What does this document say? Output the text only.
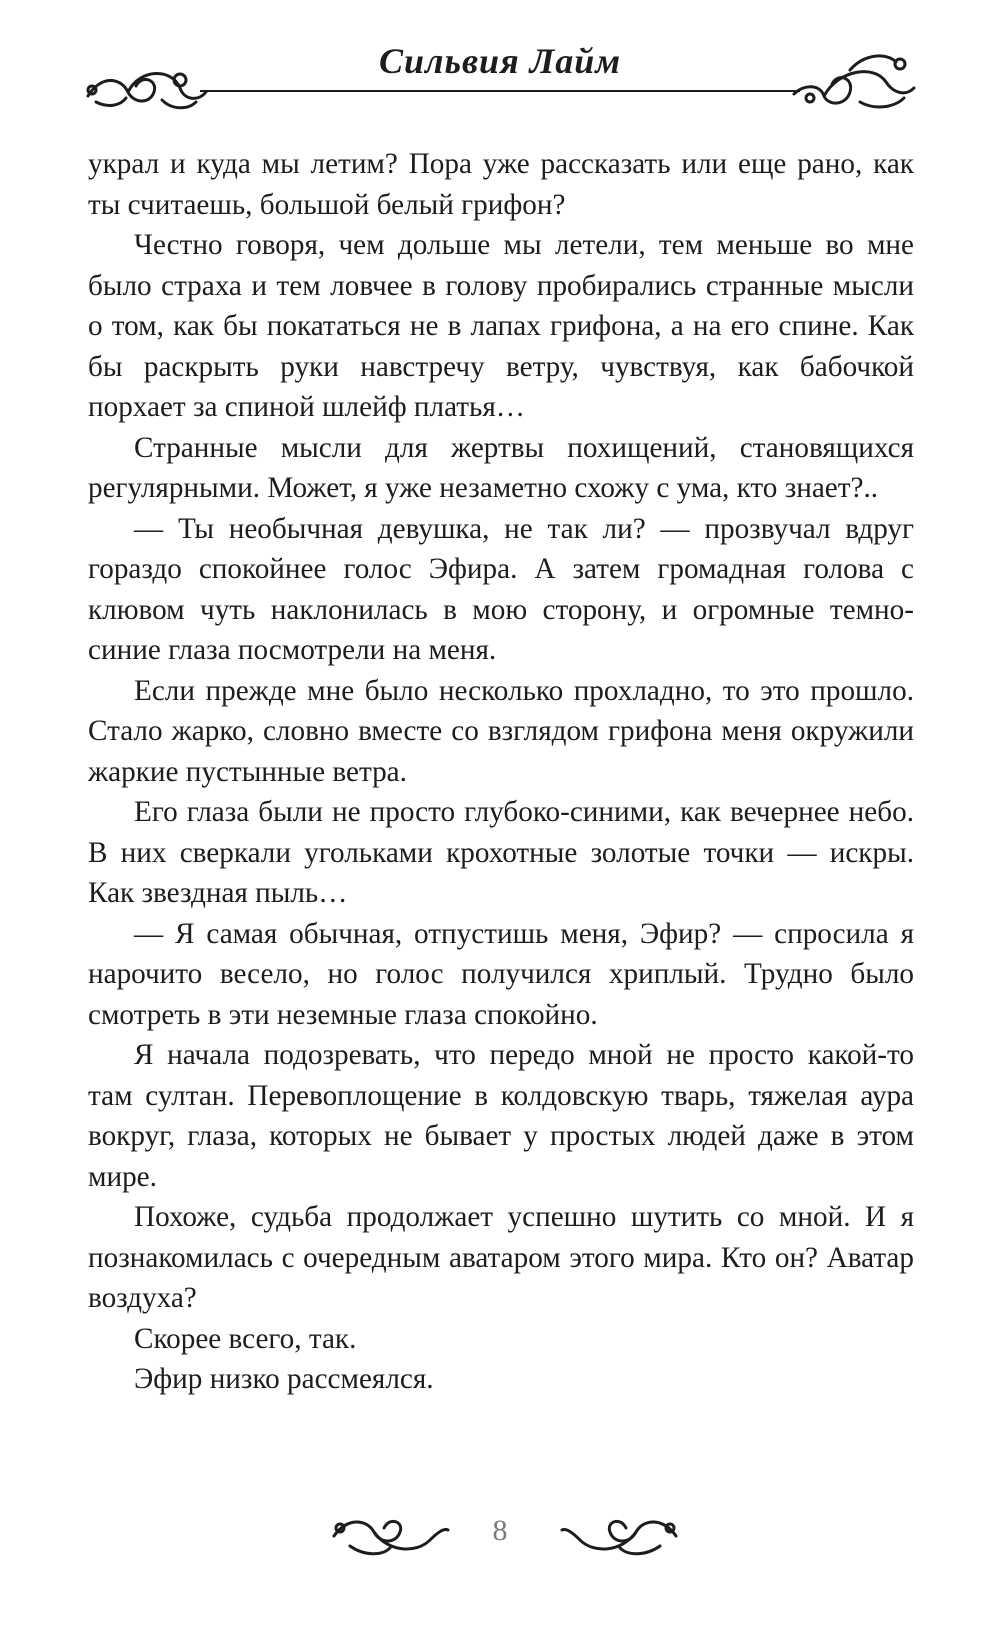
Сильвия Лайм

украл и куда мы летим? Пора уже рассказать или еще рано, как ты считаешь, большой белый грифон?

Честно говоря, чем дольше мы летели, тем меньше во мне было страха и тем ловчее в голову пробирались странные мысли о том, как бы покататься не в лапах грифона, а на его спине. Как бы раскрыть руки навстречу ветру, чувствуя, как бабочкой порхает за спиной шлейф платья…

Странные мысли для жертвы похищений, становящихся регулярными. Может, я уже незаметно схожу с ума, кто знает?..

— Ты необычная девушка, не так ли? — прозвучал вдруг гораздо спокойнее голос Эфира. А затем громадная голова с клювом чуть наклонилась в мою сторону, и огромные темно-синие глаза посмотрели на меня.

Если прежде мне было несколько прохладно, то это прошло. Стало жарко, словно вместе со взглядом грифона меня окружили жаркие пустынные ветра.

Его глаза были не просто глубоко-синими, как вечернее небо. В них сверкали угольками крохотные золотые точки — искры. Как звездная пыль…

— Я самая обычная, отпустишь меня, Эфир? — спросила я нарочито весело, но голос получился хриплый. Трудно было смотреть в эти неземные глаза спокойно.

Я начала подозревать, что передо мной не просто какой-то там султан. Перевоплощение в колдовскую тварь, тяжелая аура вокруг, глаза, которых не бывает у простых людей даже в этом мире.

Похоже, судьба продолжает успешно шутить со мной. И я познакомилась с очередным аватаром этого мира. Кто он? Аватар воздуха?

Скорее всего, так.

Эфир низко рассмеялся.

8
